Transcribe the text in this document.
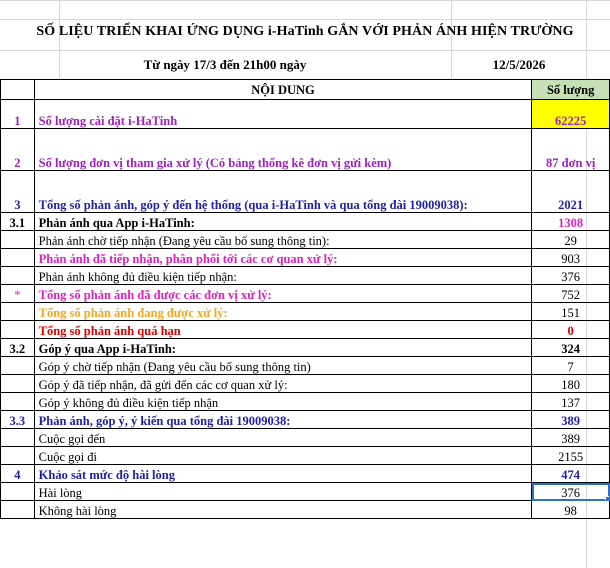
SỐ LIỆU TRIỂN KHAI ỨNG DỤNG i-HaTinh GẮN VỚI PHẢN ÁNH HIỆN TRƯỜNG
Từ ngày 17/3 đến 21h00 ngày	12/5/2026
	NỘI DUNG	Số lượng
1	Số lượng cài đặt i-HaTinh	62225
2	Số lượng đơn vị tham gia xử lý (Có bảng thống kê đơn vị gửi kèm)	87 đơn vị
3	Tổng số phản ánh, góp ý đến hệ thống (qua i-HaTinh và qua tổng đài 19009038):	2021
3.1	Phản ánh qua App i-HaTinh:	1308
	Phản ánh chờ tiếp nhận (Đang yêu cầu bổ sung thông tin):	29
	Phản ánh đã tiếp nhận, phân phối tới các cơ quan xử lý:	903
	Phản ánh không đủ điều kiện tiếp nhận:	376
*	Tổng số phản ánh đã được các đơn vị xử lý:	752
	Tổng số phản ánh đang được xử lý:	151
	Tổng số phản ánh quá hạn	0
3.2	Góp ý qua App i-HaTinh:	324
	Góp ý chờ tiếp nhận (Đang yêu cầu bổ sung thông tin)	7
	Góp ý đã tiếp nhận, đã gửi đến các cơ quan xử lý:	180
	Góp ý không đủ điều kiện tiếp nhận	137
3.3	Phản ánh, góp ý, ý kiến qua tổng đài 19009038:	389
	Cuộc gọi đến	389
	Cuộc gọi đi	2155
4	Khảo sát mức độ hài lòng	474
	Hài lòng	376

	Không hài lòng	98
